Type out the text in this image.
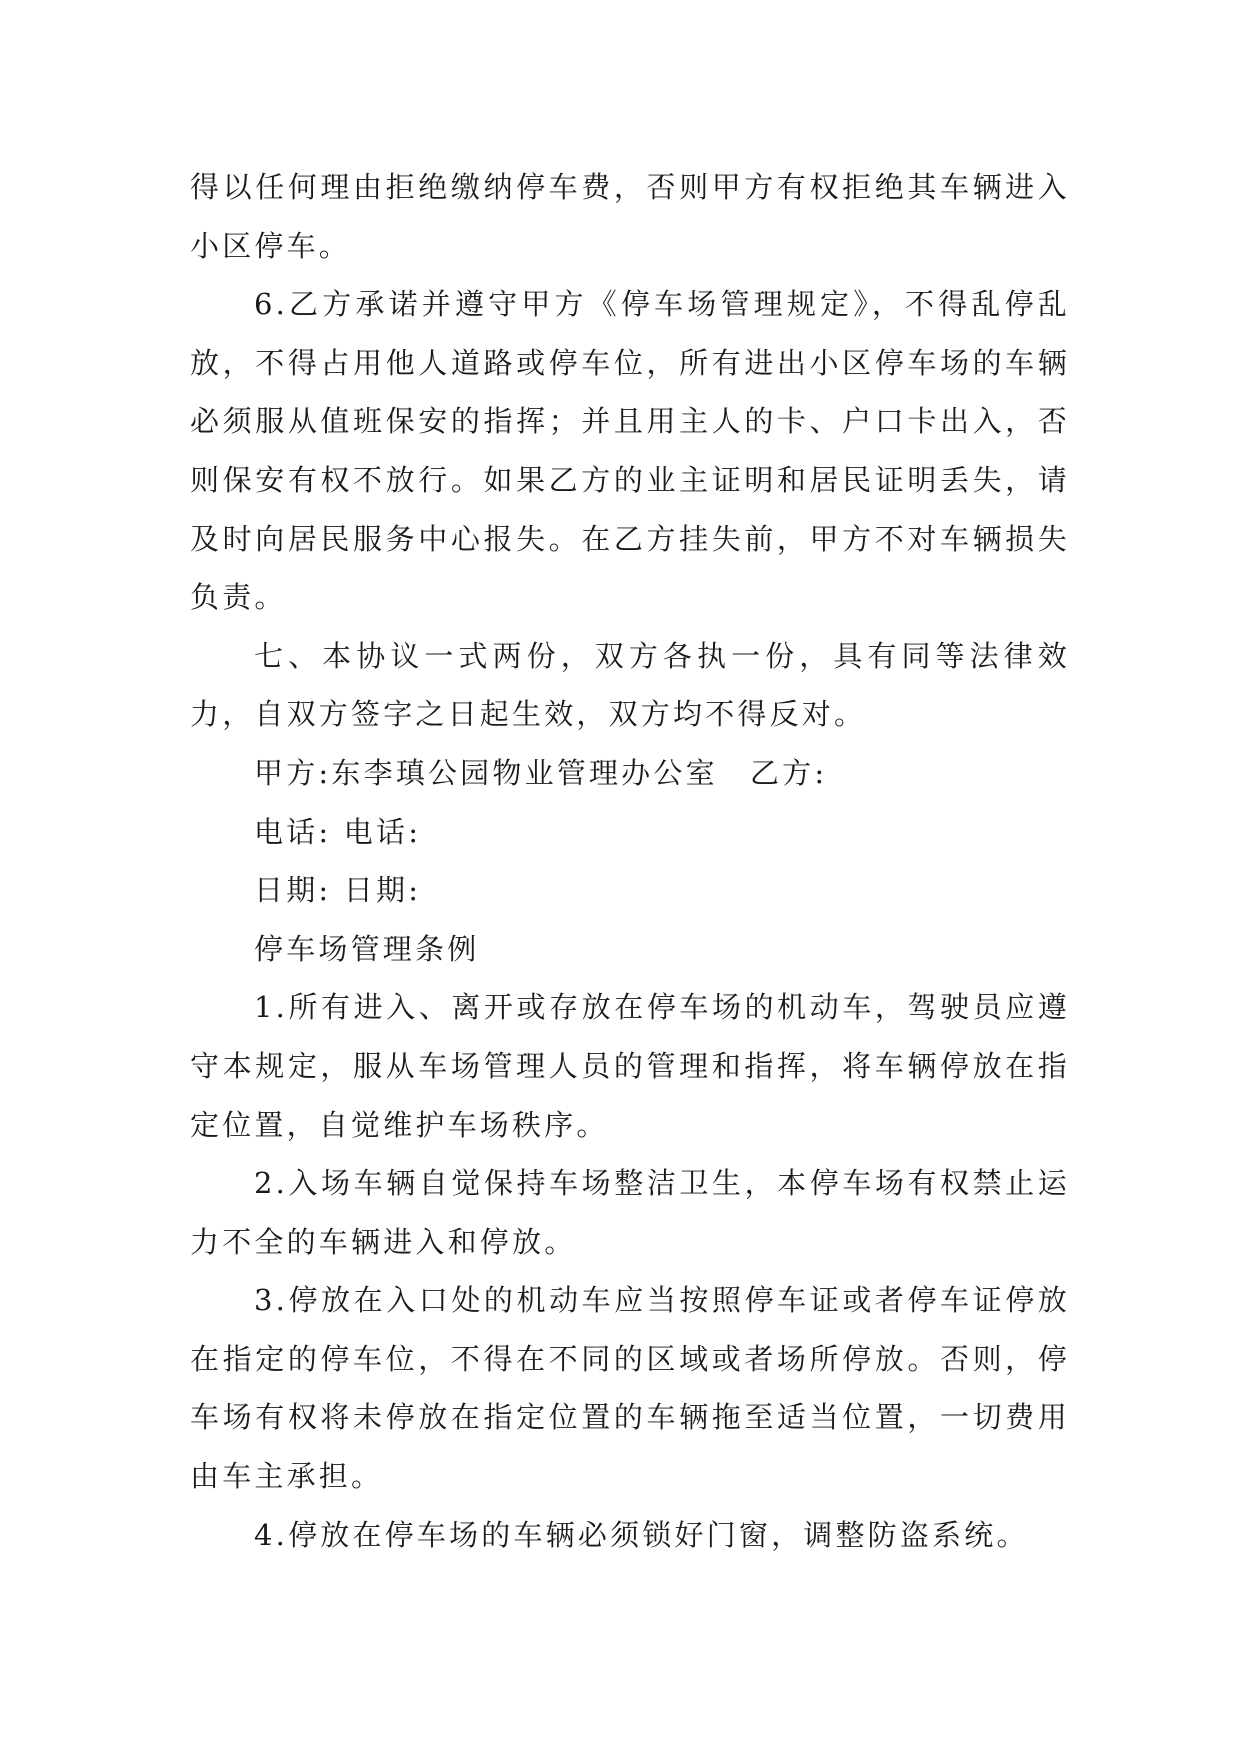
得以任何理由拒绝缴纳停车费，否则甲方有权拒绝其车辆进入小区停车。

6.乙方承诺并遵守甲方《停车场管理规定》，不得乱停乱放，不得占用他人道路或停车位，所有进出小区停车场的车辆必须服从值班保安的指挥；并且用主人的卡、户口卡出入，否则保安有权不放行。如果乙方的业主证明和居民证明丢失，请及时向居民服务中心报失。在乙方挂失前，甲方不对车辆损失负责。

七、本协议一式两份，双方各执一份，具有同等法律效力，自双方签字之日起生效，双方均不得反对。

甲方:东李瑱公园物业管理办公室　乙方:

电话: 电话:

日期: 日期:

停车场管理条例

1.所有进入、离开或存放在停车场的机动车，驾驶员应遵守本规定，服从车场管理人员的管理和指挥，将车辆停放在指定位置，自觉维护车场秩序。

2.入场车辆自觉保持车场整洁卫生，本停车场有权禁止运力不全的车辆进入和停放。

3.停放在入口处的机动车应当按照停车证或者停车证停放在指定的停车位，不得在不同的区域或者场所停放。否则，停车场有权将未停放在指定位置的车辆拖至适当位置，一切费用由车主承担。

4.停放在停车场的车辆必须锁好门窗，调整防盗系统。
